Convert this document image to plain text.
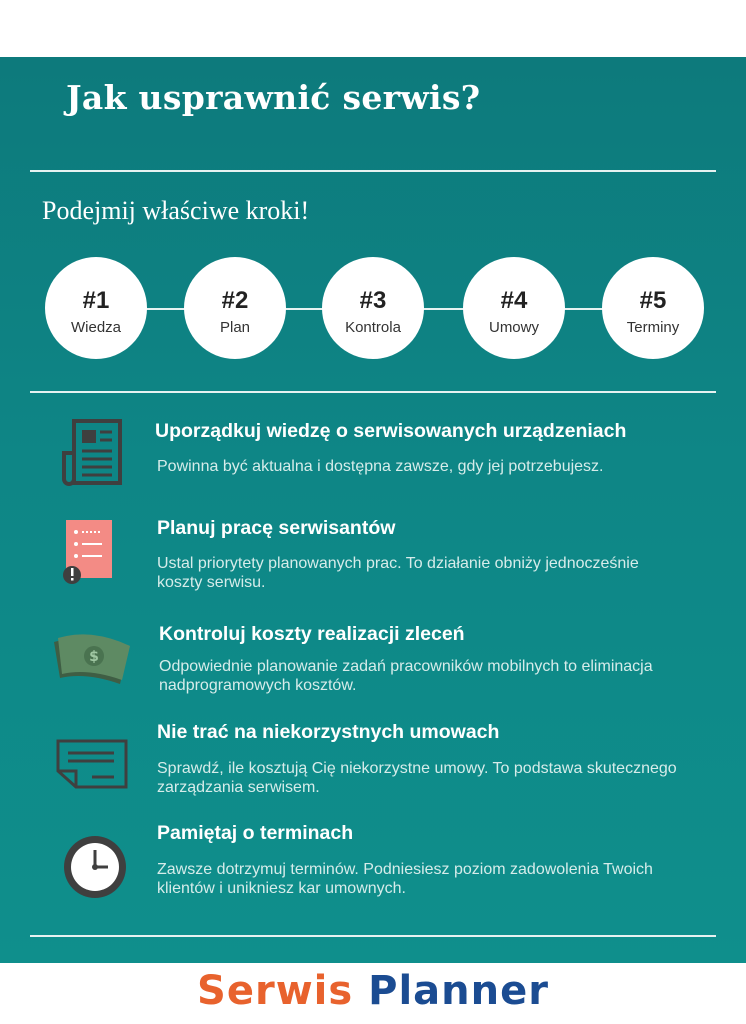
Jak usprawnić serwis?

Podejmij właściwe kroki!

#1
Wiedza
#2
Plan
#3
Kontrola
#4
Umowy
#5
Terminy

Uporządkuj wiedzę o serwisowanych urządzeniach

Powinna być aktualna i dostępna zawsze, gdy jej potrzebujesz.

Planuj pracę serwisantów

Ustal priorytety planowanych prac. To działanie obniży jednocześnie koszty serwisu.

$

Kontroluj koszty realizacji zleceń

Odpowiednie planowanie zadań pracowników mobilnych to eliminacja nadprogramowych kosztów.

Nie trać na niekorzystnych umowach

Sprawdź, ile kosztują Cię niekorzystne umowy. To podstawa skutecznego zarządzania serwisem.

Pamiętaj o terminach

Zawsze dotrzymuj terminów. Podniesiesz poziom zadowolenia Twoich klientów i unikniesz kar umownych.

Serwis Planner
